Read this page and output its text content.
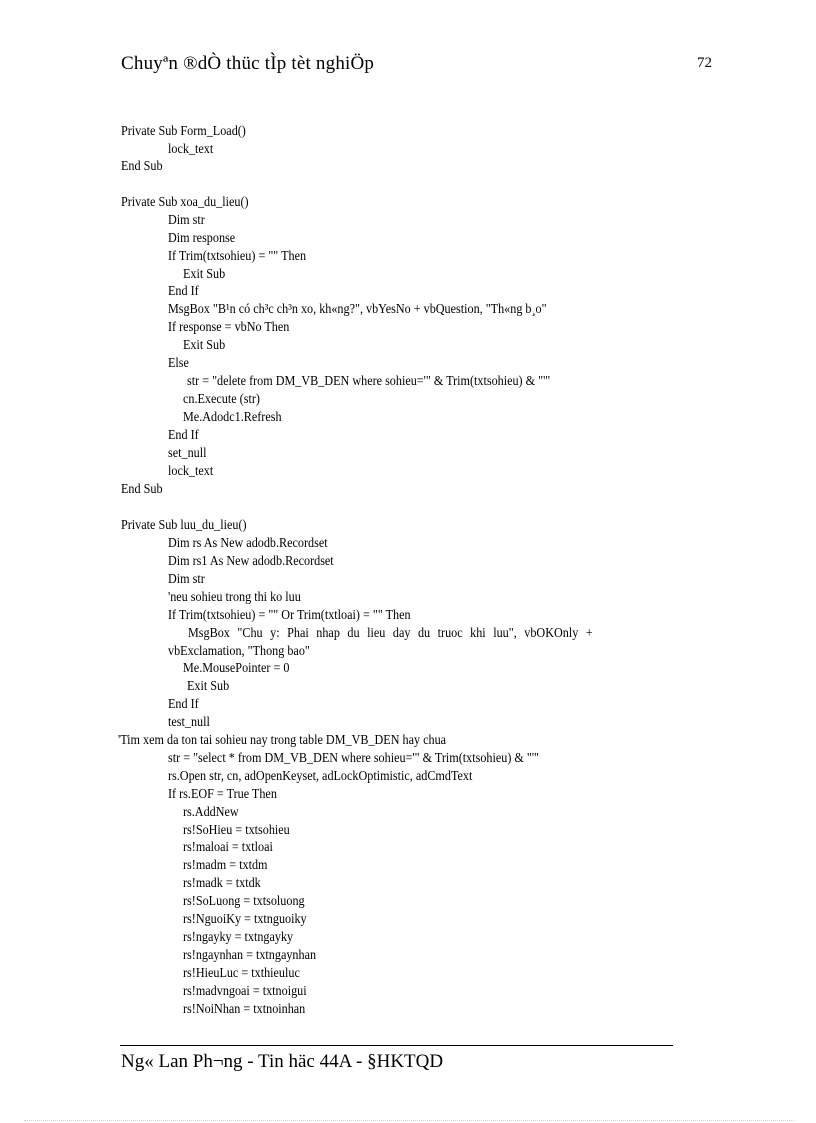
Chuyªn ®dÒ thüc tÌp tèt nghiÖp	72
Private Sub Form_Load()
lock_text
End Sub
Private Sub xoa_du_lieu()
Dim str
Dim response
If Trim(txtsohieu) = "" Then
Exit Sub
End If
MsgBox "B¹n có ch³c ch³n xo, kh«ng?", vbYesNo + vbQuestion, "Th«ng b¸o"
If response = vbNo Then
Exit Sub
Else
str = "delete from DM_VB_DEN where sohieu='" & Trim(txtsohieu) & "'"
cn.Execute (str)
Me.Adodc1.Refresh
End If
set_null
lock_text
End Sub
Private Sub luu_du_lieu()
Dim rs As New adodb.Recordset
Dim rs1 As New adodb.Recordset
Dim str
'neu sohieu trong thi ko luu
If Trim(txtsohieu) = "" Or Trim(txtloai) = "" Then
MsgBox "Chu y: Phai nhap du lieu day du truoc khi luu", vbOKOnly +
vbExclamation, "Thong bao"
Me.MousePointer = 0
Exit Sub
End If
test_null
'Tim xem da ton tai sohieu nay trong table DM_VB_DEN hay chua
str = "select * from DM_VB_DEN where sohieu='" & Trim(txtsohieu) & "'"
rs.Open str, cn, adOpenKeyset, adLockOptimistic, adCmdText
If rs.EOF = True Then
rs.AddNew
rs!SoHieu = txtsohieu
rs!maloai = txtloai
rs!madm = txtdm
rs!madk = txtdk
rs!SoLuong = txtsoluong
rs!NguoiKy = txtnguoiky
rs!ngayky = txtngayky
rs!ngaynhan = txtngaynhan
rs!HieuLuc = txthieuluc
rs!madvngoai = txtnoigui
rs!NoiNhan = txtnoinhan
Ng« Lan Ph¬ng - Tin häc 44A - §HKTQD
